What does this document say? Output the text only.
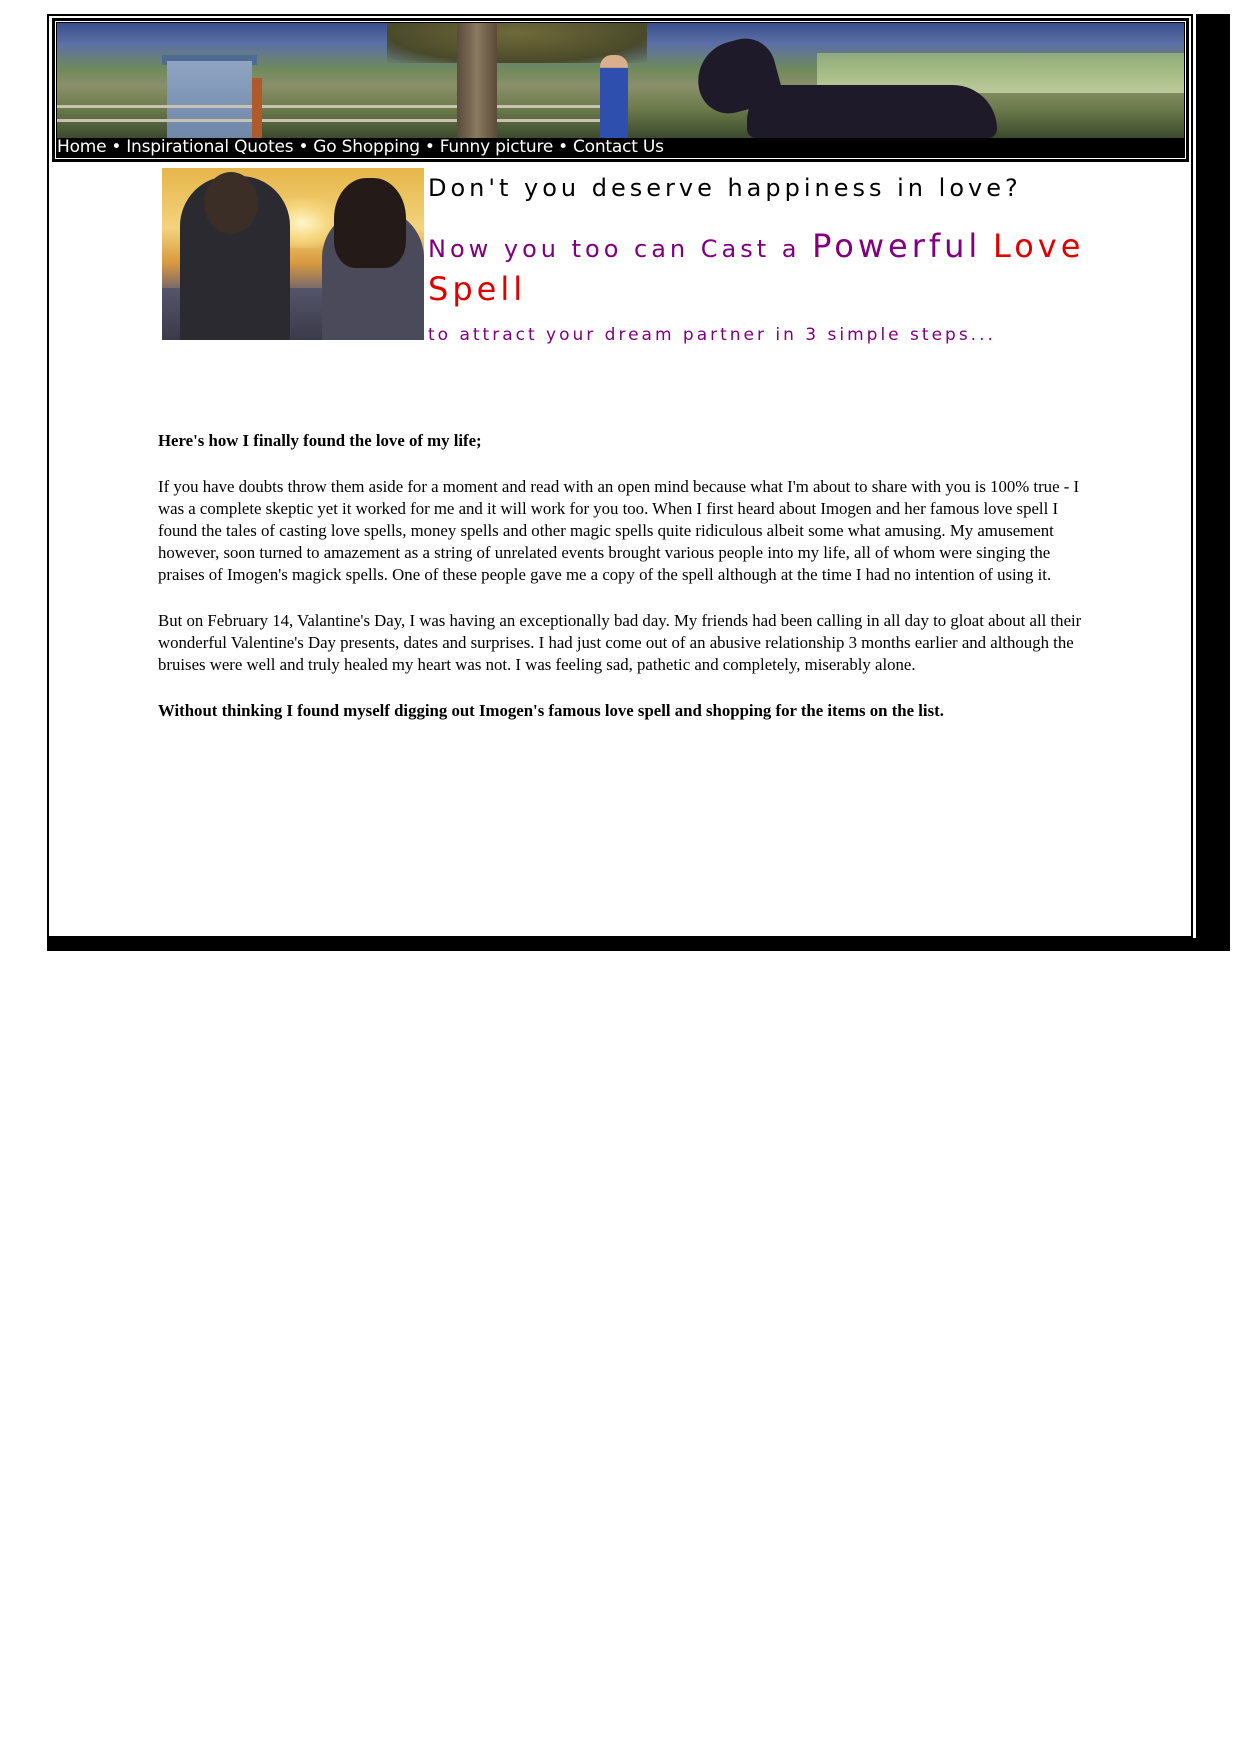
Home • Inspirational Quotes • Go Shopping • Funny picture • Contact Us
Don't you deserve happiness in love?
Now you too can Cast a Powerful Love Spell
to attract your dream partner in 3 simple steps...

Here's how I finally found the love of my life;

If you have doubts throw them aside for a moment and read with an open mind because what I'm about to share with you is 100% true - I was a complete skeptic yet it worked for me and it will work for you too. When I first heard about Imogen and her famous love spell I found the tales of casting love spells, money spells and other magic spells quite ridiculous albeit some what amusing. My amusement however, soon turned to amazement as a string of unrelated events brought various people into my life, all of whom were singing the praises of Imogen's magick spells. One of these people gave me a copy of the spell although at the time I had no intention of using it.

But on February 14, Valantine's Day, I was having an exceptionally bad day. My friends had been calling in all day to gloat about all their wonderful Valentine's Day presents, dates and surprises. I had just come out of an abusive relationship 3 months earlier and although the bruises were well and truly healed my heart was not. I was feeling sad, pathetic and completely, miserably alone.

Without thinking I found myself digging out Imogen's famous love spell and shopping for the items on the list.
